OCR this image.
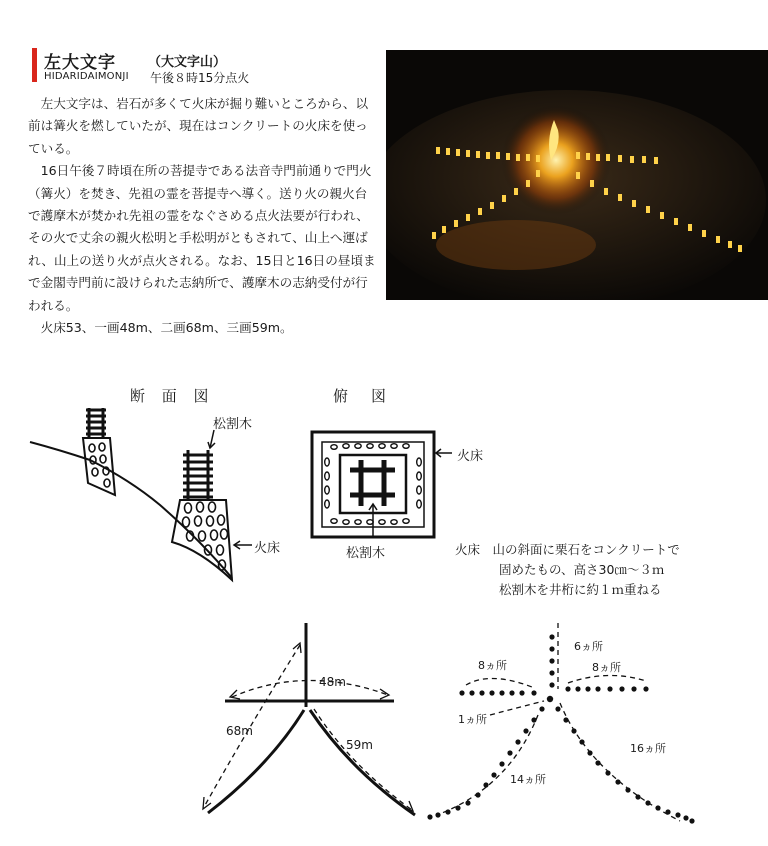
左大文字 （大文字山）
HIDARIDAIMONJI 午後８時15分点火

左大文字は、岩石が多くて火床が掘り難いところから、以前は篝火を燃していたが、現在はコンクリートの火床を使っている。

16日午後７時頃在所の菩提寺である法音寺門前通りで門火（篝火）を焚き、先祖の霊を菩提寺へ導く。送り火の親火台で護摩木が焚かれ先祖の霊をなぐさめる点火法要が行われ、その火で丈余の親火松明と手松明がともされて、山上へ運ばれ、山上の送り火が点火される。なお、15日と16日の昼頃まで金閣寺門前に設けられた志納所で、護摩木の志納受付が行われる。

火床53、一画48m、二画68m、三画59m。

断 面 図	俯　図
松割木
火床
火床
松割木	火床　 山の斜面に栗石をコンクリートで
固めたもの、高さ30㎝～３ｍ
松割木を井桁に約１ｍ重ねる
48m
68m
59m
6ヵ所
8ヵ所	8ヵ所
1ヵ所
14ヵ所
16ヵ所
